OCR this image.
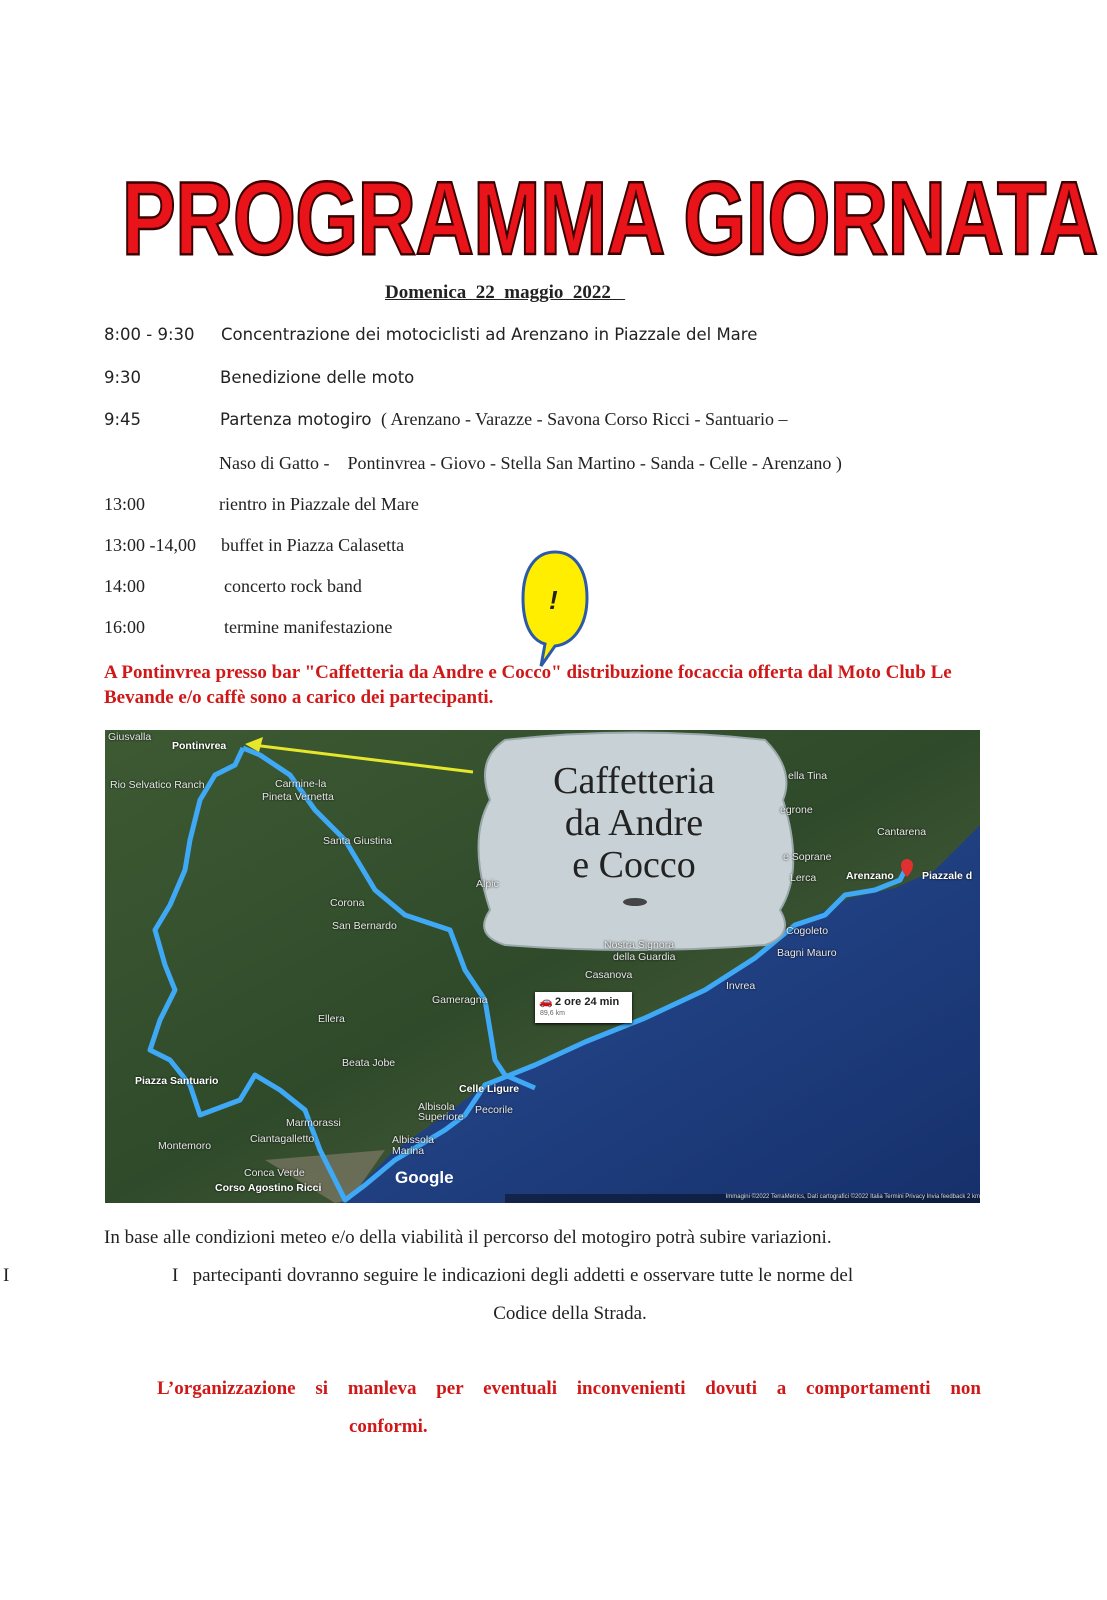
PROGRAMMA GIORNATA
Domenica  22  maggio  2022
8:00 - 9:30 Concentrazione dei motociclisti ad Arenzano in Piazzale del Mare
9:30	Benedizione delle moto
9:45	Partenza motogiro ( Arenzano - Varazze - Savona Corso Ricci - Santuario –
Naso di Gatto -    Pontinvrea - Giovo - Stella San Martino - Sanda - Celle - Arenzano )
13:00	rientro in Piazzale del Mare
13:00 -14,00 buffet in Piazza Calasetta
14:00	concerto rock band
16:00	termine manifestazione
!
A Pontinvrea presso bar "Caffetteria da Andre e Cocco" distribuzione focaccia offerta dal Moto Club Le Bevande e/o caffè sono a carico dei partecipanti.
Caffetteria
da Andre
e Cocco
🚗 2 ore 24 min
89,6 km
Giusvalla
Pontinvrea
Rio Selvatico Ranch	Carmine-la
Pineta Vernetta
Santa Giustina
Corona
San Bernardo
Alpic
Gameragna
Ellera
Beata Jobe
Piazza Santuario
Celle Ligure
Albisola Superiore
Pecorile
Marmorassi
Ciantagalletto
Montemoro	Albissola Marina
Conca Verde
Corso Agostino Ricci
Nostra Signora
della Guardia
Casanova
Invrea
Bagni Mauro
Cogoleto
egrone
ella Tina
Cantarena
e Soprane
Lerca	Arenzano	Piazzale d
Google
Immagini ©2022 TerraMetrics, Dati cartografici ©2022 Italia Termini Privacy Invia feedback 2 km
In base alle condizioni meteo e/o della viabilità il percorso del motogiro potrà subire variazioni.
I	I   partecipanti dovranno seguire le indicazioni degli addetti e osservare tutte le norme del
Codice della Strada.
L’organizzazione si manleva per eventuali inconvenienti dovuti a comportamenti non
conformi.
